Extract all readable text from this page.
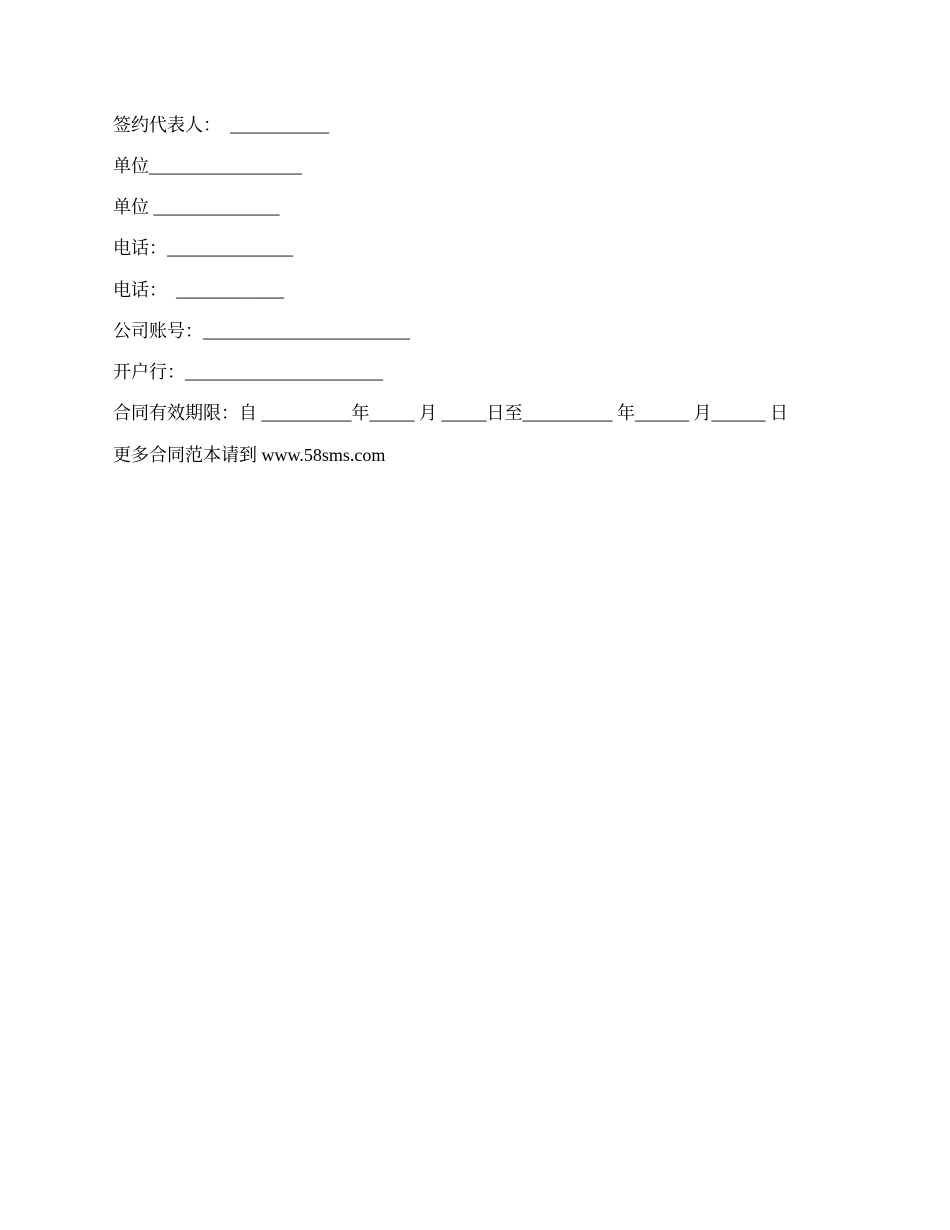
签约代表人：  ___________
单位_________________
单位 ______________
电话：______________
电话：  ____________
公司账号：_______________________
开户行：______________________
合同有效期限：自 __________年_____ 月 _____日至__________ 年______ 月______ 日
更多合同范本请到 www.58sms.com
